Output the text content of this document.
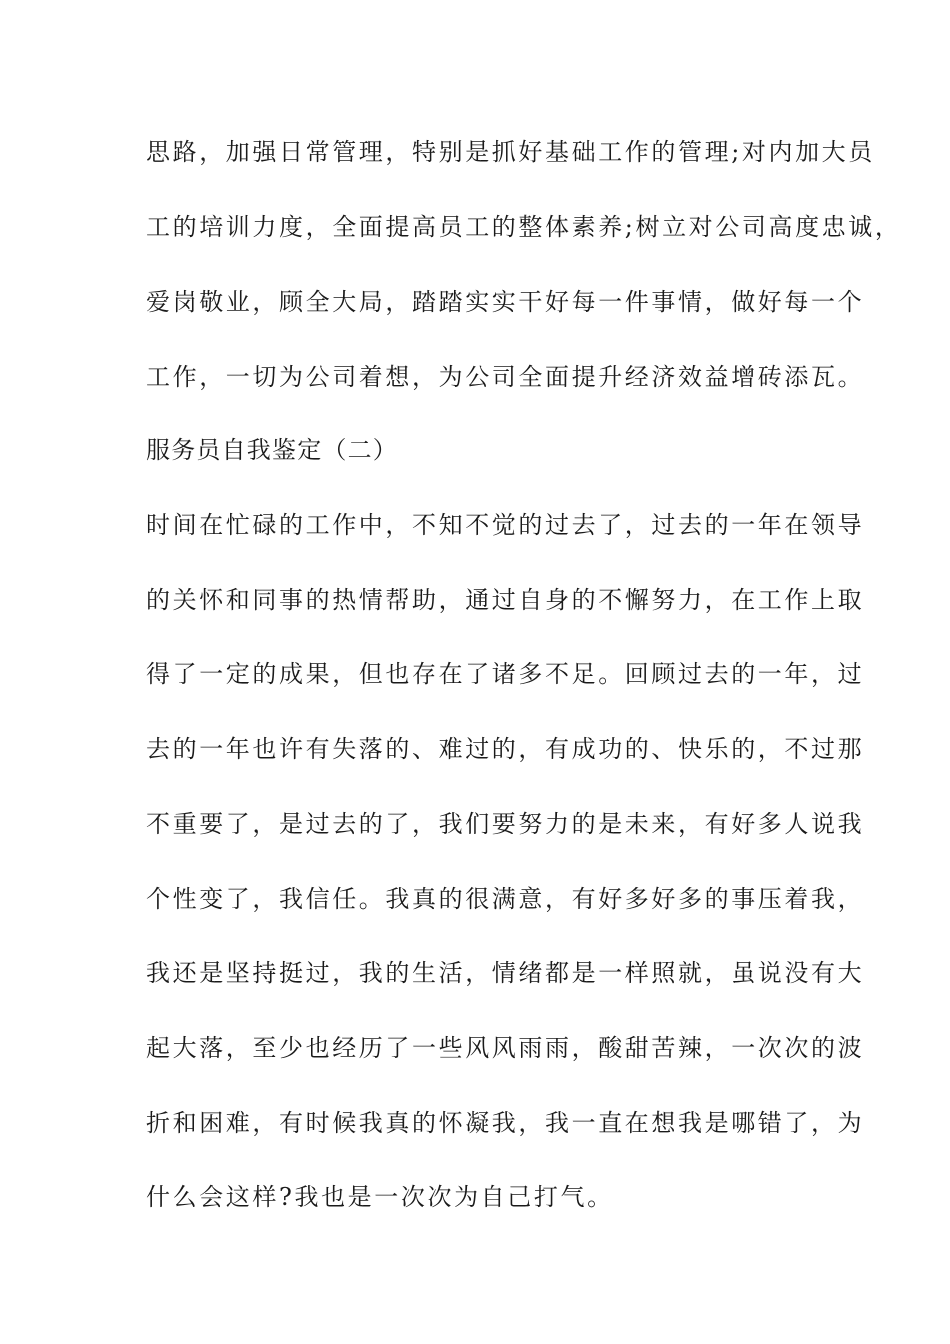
思路，加强日常管理，特别是抓好基础工作的管理;对内加大员
工的培训力度，全面提高员工的整体素养;树立对公司高度忠诚，
爱岗敬业，顾全大局，踏踏实实干好每一件事情，做好每一个
工作，一切为公司着想，为公司全面提升经济效益增砖添瓦。
服务员自我鉴定（二）
时间在忙碌的工作中，不知不觉的过去了，过去的一年在领导
的关怀和同事的热情帮助，通过自身的不懈努力，在工作上取
得了一定的成果，但也存在了诸多不足。回顾过去的一年，过
去的一年也许有失落的、难过的，有成功的、快乐的，不过那
不重要了，是过去的了，我们要努力的是未来，有好多人说我
个性变了，我信任。我真的很满意，有好多好多的事压着我，
我还是坚持挺过，我的生活，情绪都是一样照就，虽说没有大
起大落，至少也经历了一些风风雨雨，酸甜苦辣，一次次的波
折和困难，有时候我真的怀凝我，我一直在想我是哪错了，为
什么会这样?我也是一次次为自己打气。
